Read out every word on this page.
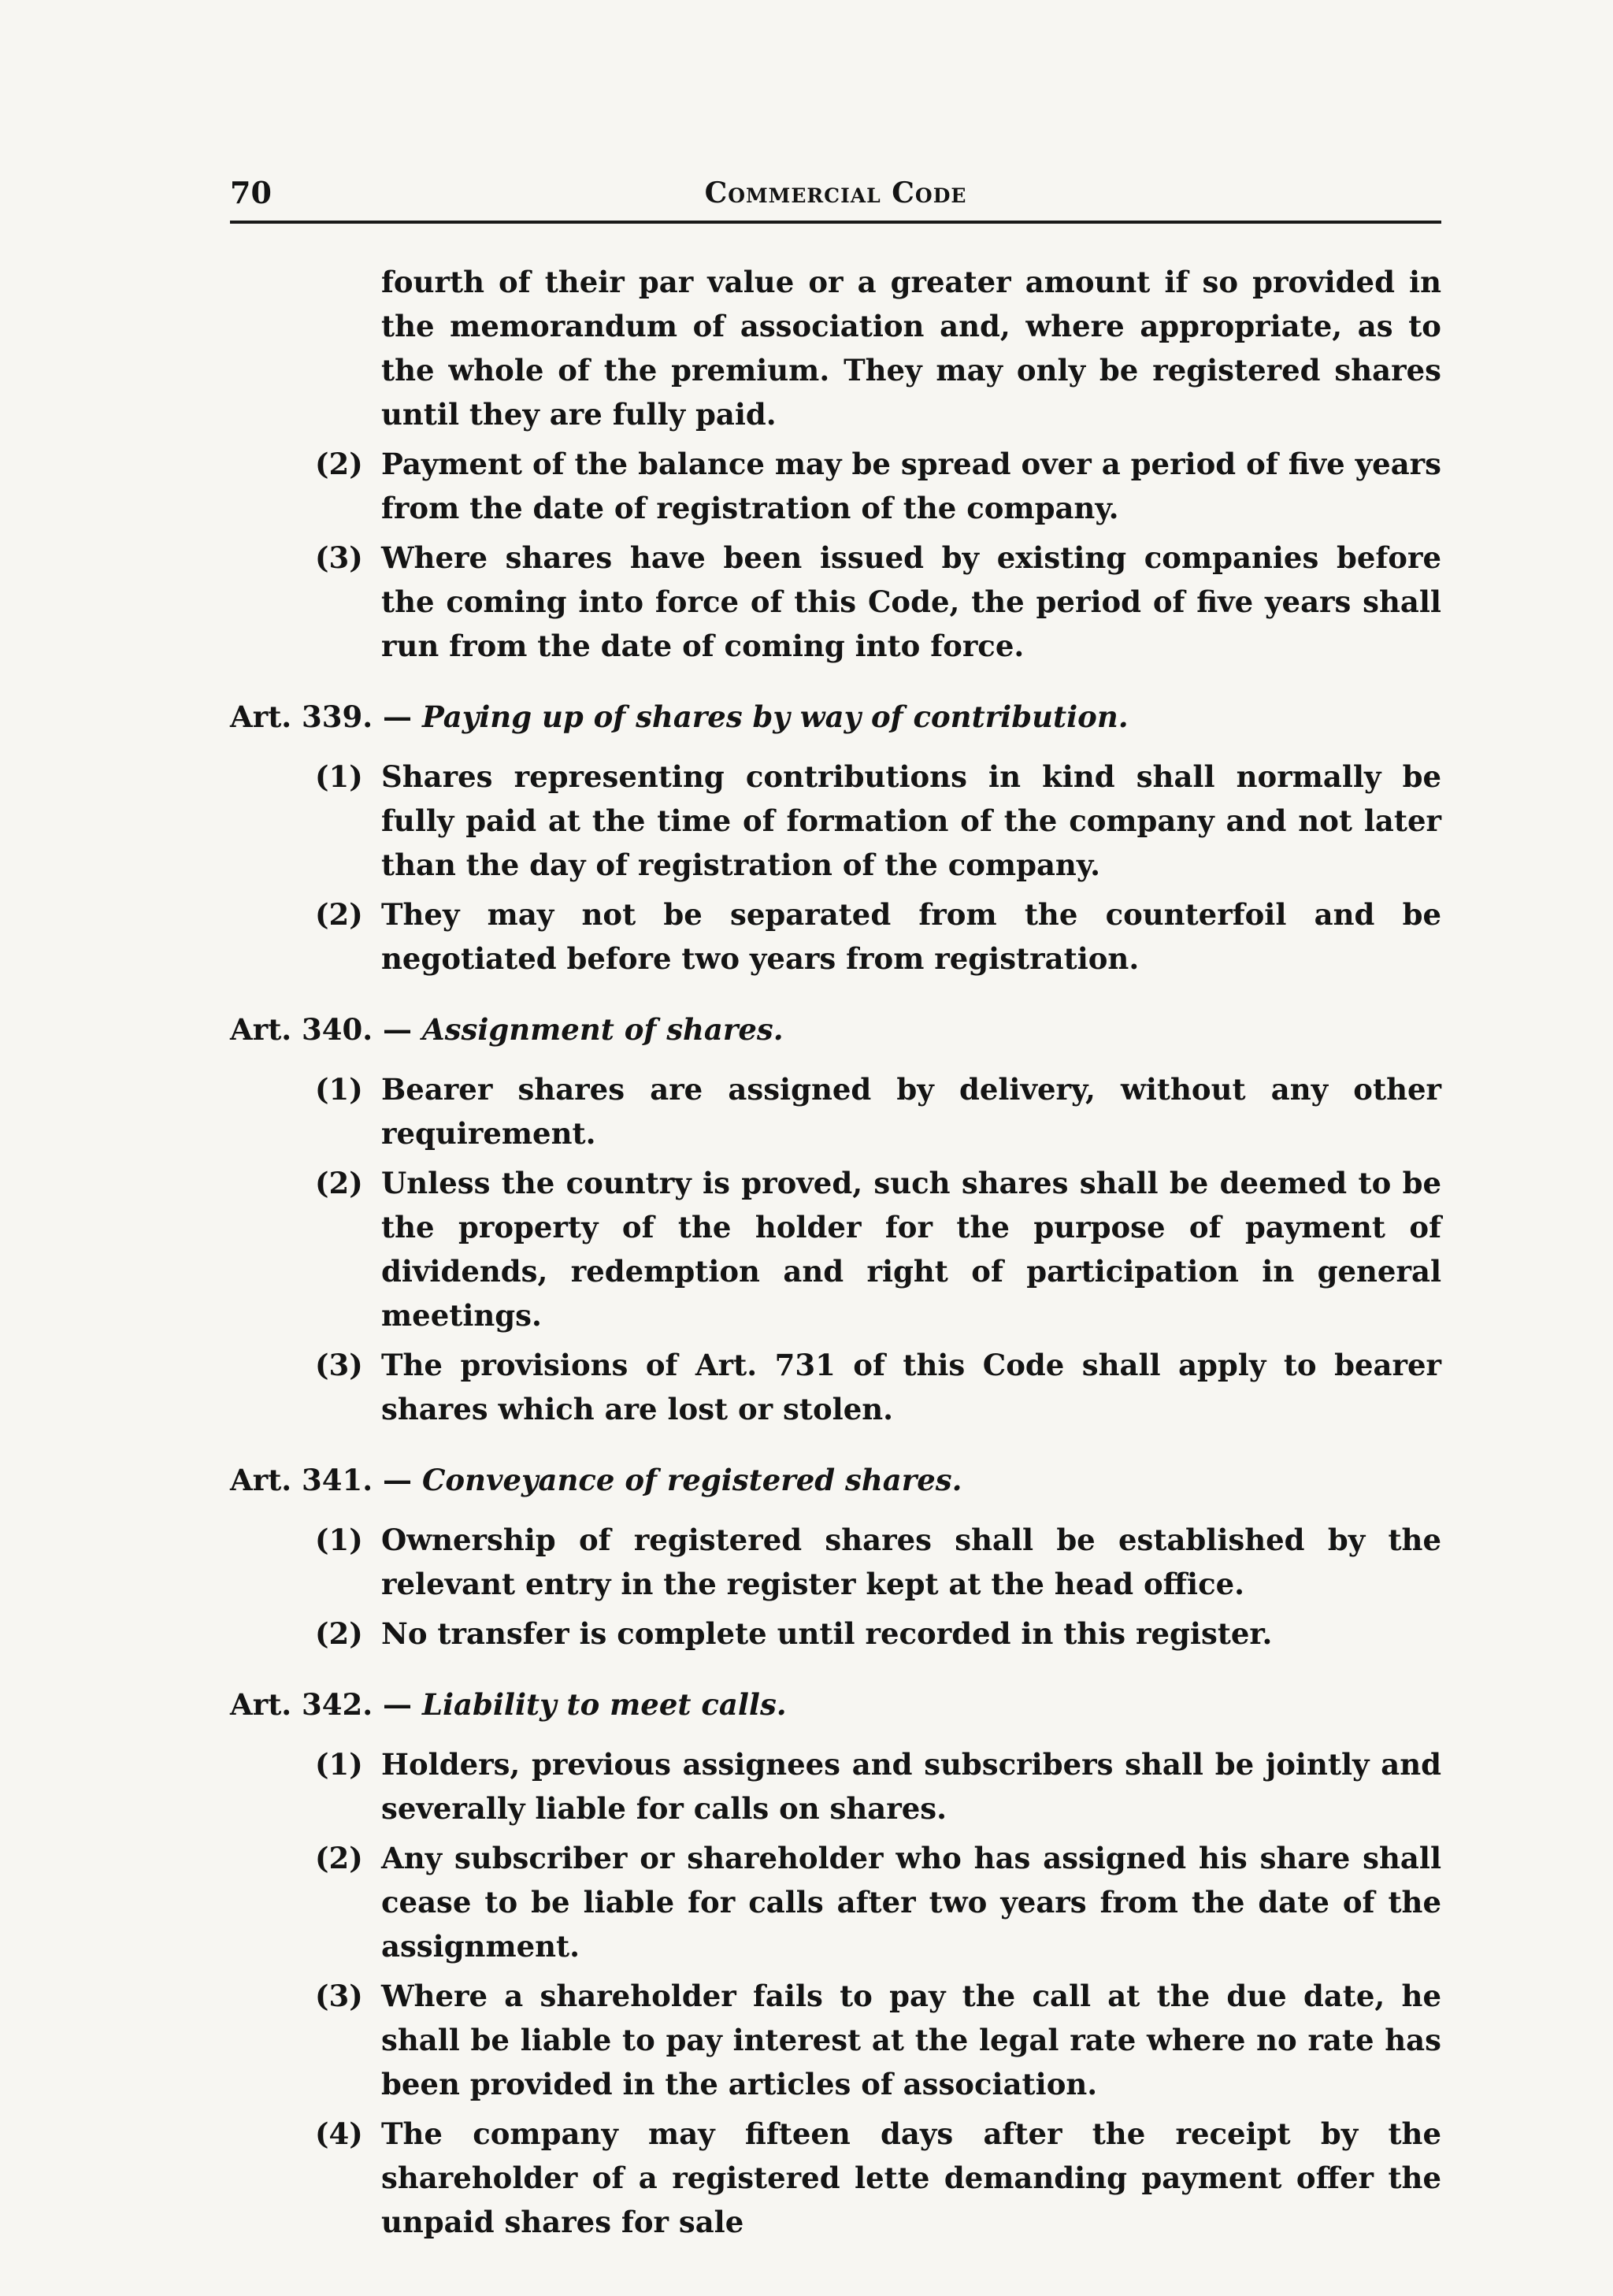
70	Commercial Code
fourth of their par value or a greater amount if so provided in the memorandum of association and, where appropriate, as to the whole of the premium. They may only be registered shares until they are fully paid.
(2) Payment of the balance may be spread over a period of five years from the date of registration of the company.
(3) Where shares have been issued by existing companies before the coming into force of this Code, the period of five years shall run from the date of coming into force.
Art. 339. — Paying up of shares by way of contribution.
(1) Shares representing contributions in kind shall normally be fully paid at the time of formation of the company and not later than the day of registration of the company.
(2) They may not be separated from the counterfoil and be negotiated before two years from registration.
Art. 340. — Assignment of shares.
(1) Bearer shares are assigned by delivery, without any other requirement.
(2) Unless the country is proved, such shares shall be deemed to be the property of the holder for the purpose of payment of dividends, redemption and right of participation in general meetings.
(3) The provisions of Art. 731 of this Code shall apply to bearer shares which are lost or stolen.
Art. 341. — Conveyance of registered shares.
(1) Ownership of registered shares shall be established by the relevant entry in the register kept at the head office.
(2) No transfer is complete until recorded in this register.
Art. 342. — Liability to meet calls.
(1) Holders, previous assignees and subscribers shall be jointly and severally liable for calls on shares.
(2) Any subscriber or shareholder who has assigned his share shall cease to be liable for calls after two years from the date of the assignment.
(3) Where a shareholder fails to pay the call at the due date, he shall be liable to pay interest at the legal rate where no rate has been provided in the articles of association.
(4) The company may fifteen days after the receipt by the shareholder of a registered lette demanding payment offer the unpaid shares for sale
